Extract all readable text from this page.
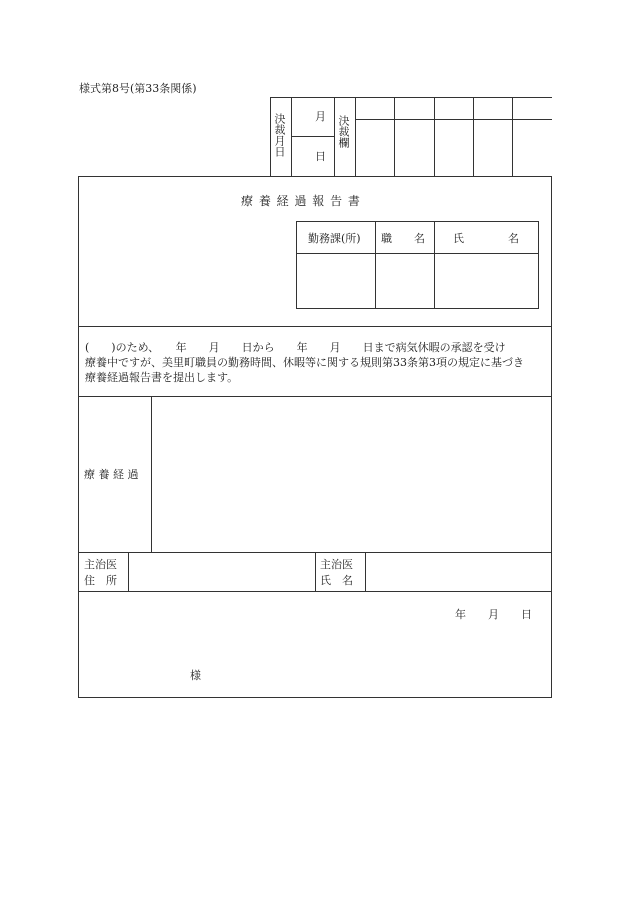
様式第8号(第33条関係)
決裁月日	月
日
決裁欄
療 養 経 過 報 告 書
勤務課(所) 職　　名	氏　　　　名
(　　)のため、　　年　　月　　日から　　年　　月　　日まで病気休暇の承認を受け
療養中ですが、美里町職員の勤務時間、休暇等に関する規則第33条第3項の規定に基づき
療養経過報告書を提出します。
療 養 経 過
主治医
住　所
主治医
氏　名
年　　月　　日
様
